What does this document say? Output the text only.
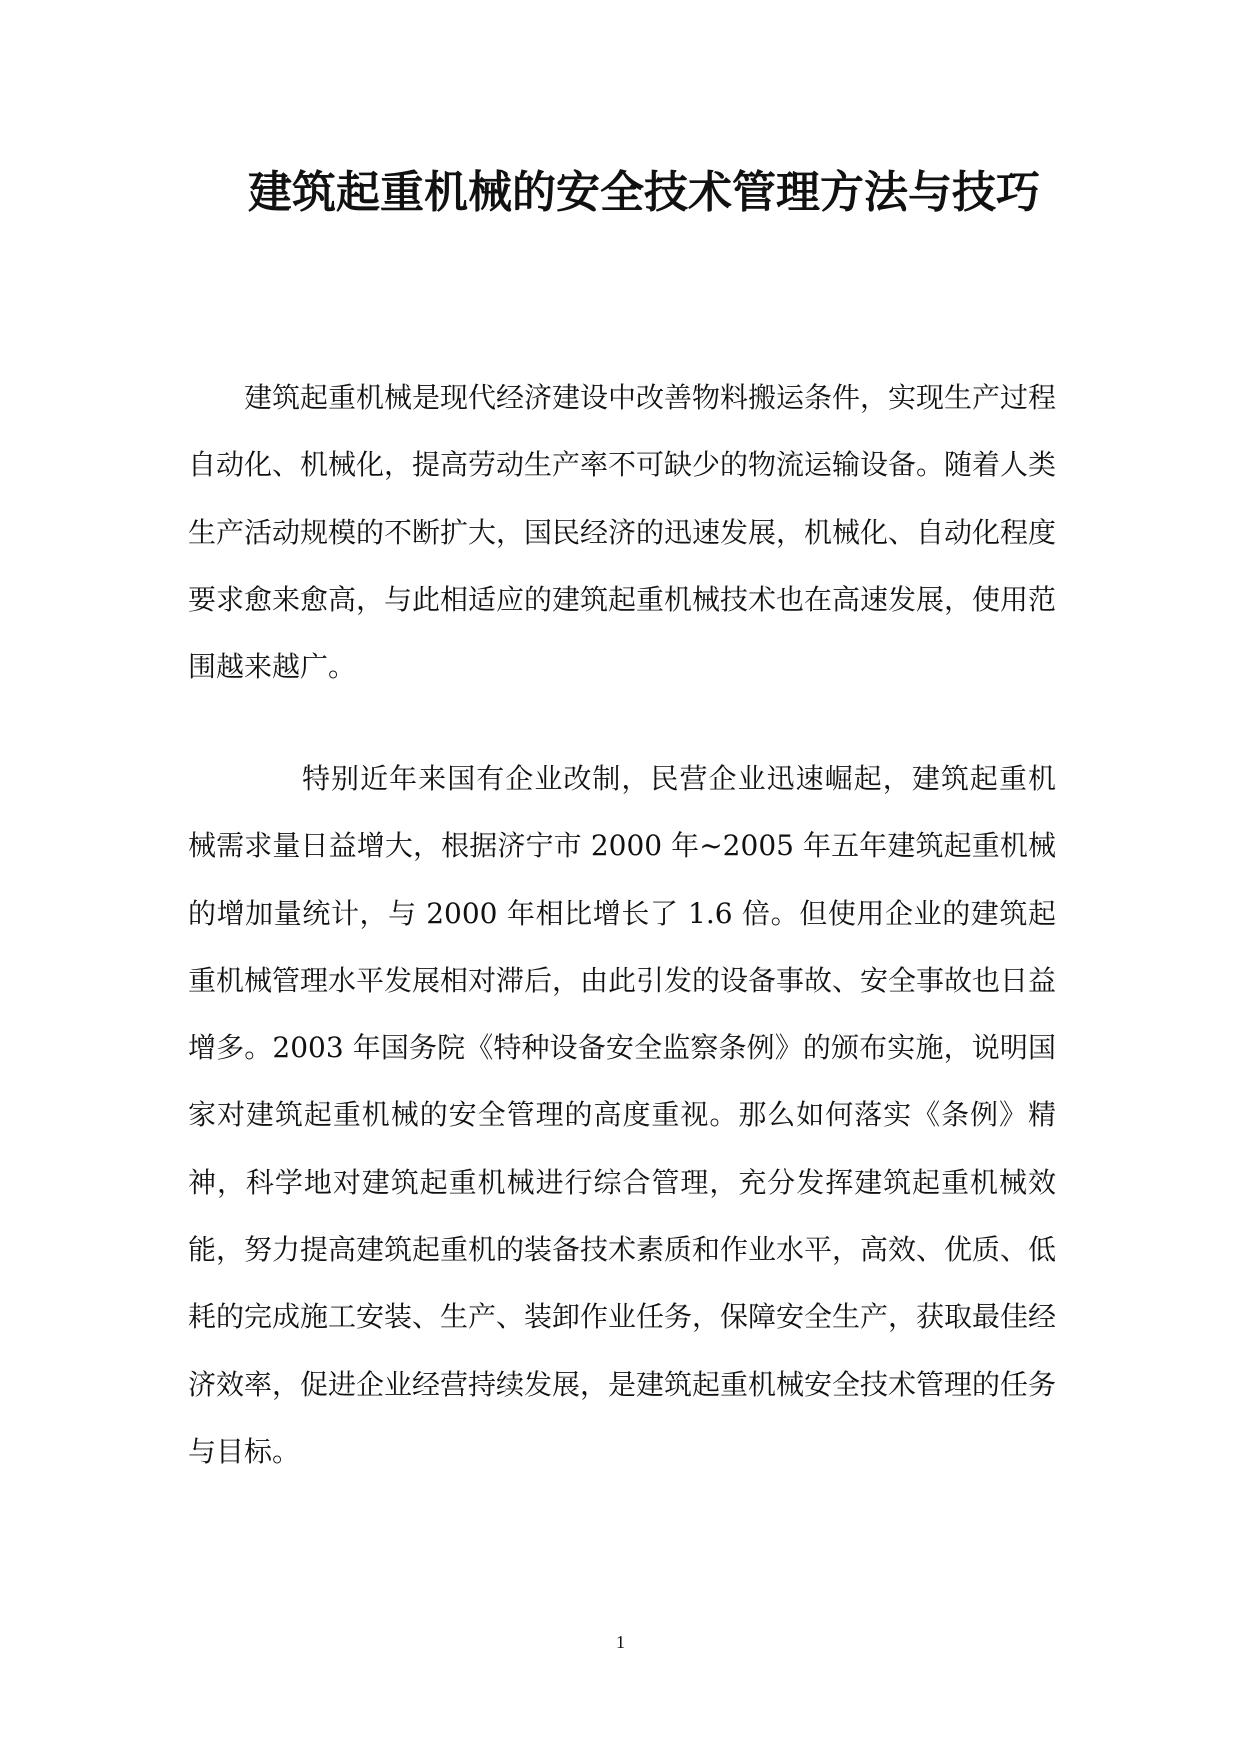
建筑起重机械的安全技术管理方法与技巧

建筑起重机械是现代经济建设中改善物料搬运条件，实现生产过程自动化、机械化，提高劳动生产率不可缺少的物流运输设备。随着人类生产活动规模的不断扩大，国民经济的迅速发展，机械化、自动化程度要求愈来愈高，与此相适应的建筑起重机械技术也在高速发展，使用范围越来越广。

特别近年来国有企业改制，民营企业迅速崛起，建筑起重机械需求量日益增大，根据济宁市 2000 年~2005 年五年建筑起重机械的增加量统计，与 2000 年相比增长了 1.6 倍。但使用企业的建筑起重机械管理水平发展相对滞后，由此引发的设备事故、安全事故也日益增多。2003 年国务院《特种设备安全监察条例》的颁布实施，说明国家对建筑起重机械的安全管理的高度重视。那么如何落实《条例》精神，科学地对建筑起重机械进行综合管理，充分发挥建筑起重机械效能，努力提高建筑起重机的装备技术素质和作业水平，高效、优质、低耗的完成施工安装、生产、装卸作业任务，保障安全生产，获取最佳经济效率，促进企业经营持续发展，是建筑起重机械安全技术管理的任务与目标。

1
